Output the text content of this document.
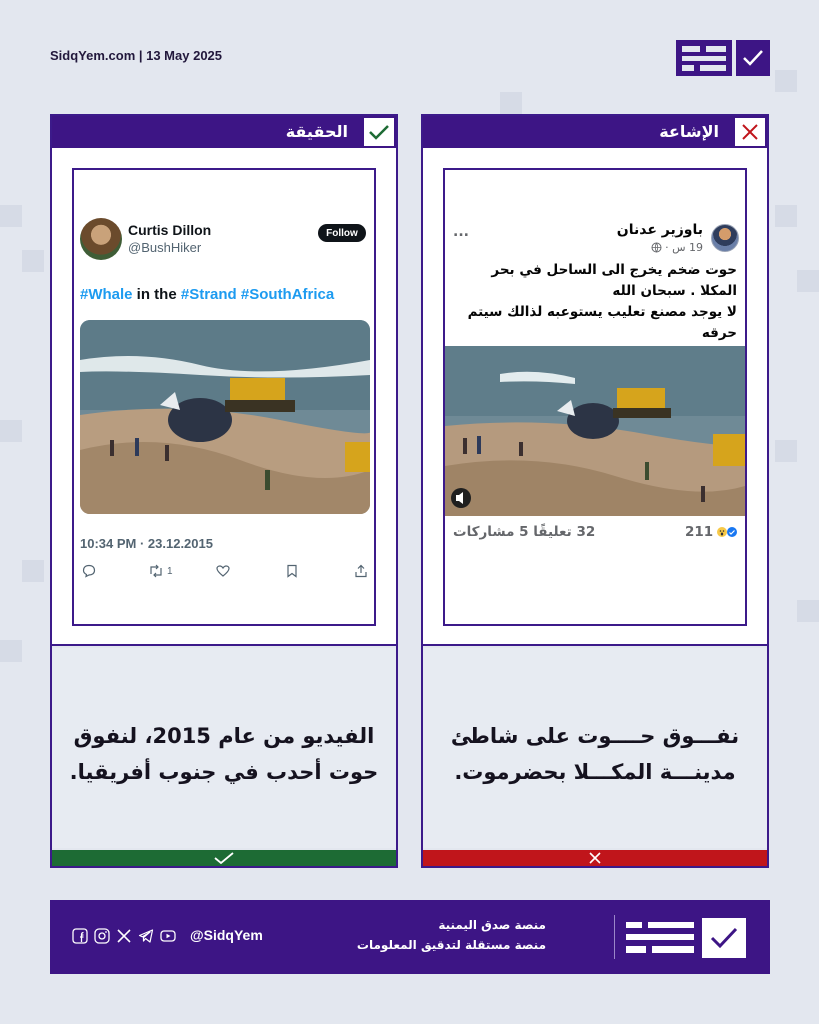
SidqYem.com | 13 May 2025
الحقيقة
Curtis Dillon
@BushHiker
Follow
#Whale in the #Strand #SouthAfrica
10:34 PM · 23.12.2015
1
الفيديو من عام 2015، لنفوق
حوت أحدب في جنوب أفريقيا.
الإشاعة
باوزير عدنان
19 س ·
...
حوت ضخم يخرج الى الساحل في بحر
المكلا . سبحان الله
لا يوجد مصنع تعليب يستوعبه لذالك سيتم
حرقه
211
32 تعليقًا 5 مشاركات
نفـــوق حــــوت على شاطئ
مدينـــة المكـــلا بحضرموت.
@SidqYem
منصة صدق اليمنية
منصة مستقلة لتدقيق المعلومات
